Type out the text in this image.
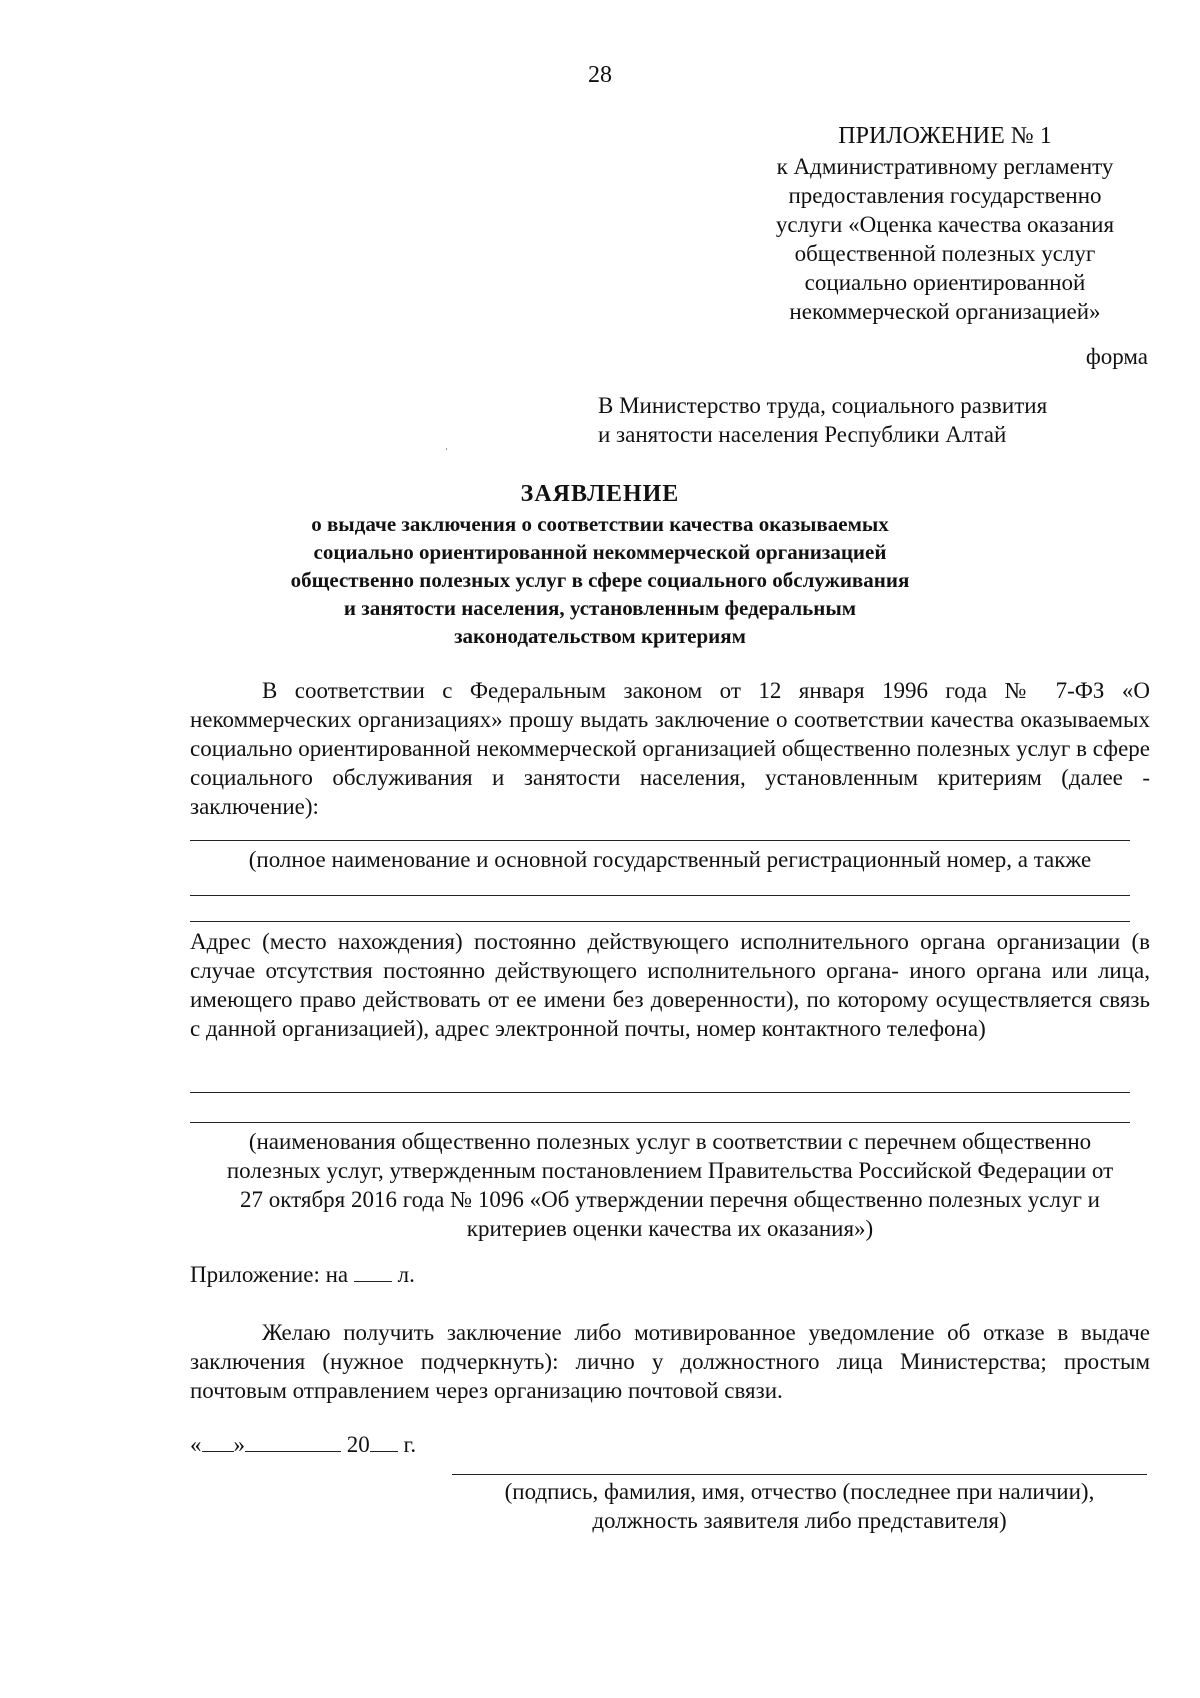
28
ПРИЛОЖЕНИЕ № 1
к Административному регламенту
предоставления государственно
услуги «Оценка качества оказания
общественной полезных услуг
социально ориентированной
некоммерческой организацией»
форма
В Министерство труда, социального развития
и занятости населения Республики Алтай
ЗАЯВЛЕНИЕ
о выдаче заключения о соответствии качества оказываемых
социально ориентированной некоммерческой организацией
общественно полезных услуг в сфере социального обслуживания
и занятости населения, установленным федеральным
законодательством критериям
В соответствии с Федеральным законом от 12 января 1996 года № 7-ФЗ «О некоммерческих организациях» прошу выдать заключение о соответствии качества оказываемых социально ориентированной некоммерческой организацией общественно полезных услуг в сфере социального обслуживания и занятости населения, установленным критериям (далее - заключение):
(полное наименование и основной государственный регистрационный номер, а также
Адрес (место нахождения) постоянно действующего исполнительного органа организации (в случае отсутствия постоянно действующего исполнительного органа- иного органа или лица, имеющего право действовать от ее имени без доверенности), по которому осуществляется связь с данной организацией), адрес электронной почты, номер контактного телефона)
(наименования общественно полезных услуг в соответствии с перечнем общественно
полезных услуг, утвержденным постановлением Правительства Российской Федерации от
27 октября 2016 года № 1096 «Об утверждении перечня общественно полезных услуг и
критериев оценки качества их оказания»)
Приложение: на л.
Желаю получить заключение либо мотивированное уведомление об отказе в выдаче заключения (нужное подчеркнуть): лично у должностного лица Министерства; простым почтовым отправлением через организацию почтовой связи.
« »	20 г.
(подпись, фамилия, имя, отчество (последнее при наличии),
должность заявителя либо представителя)
